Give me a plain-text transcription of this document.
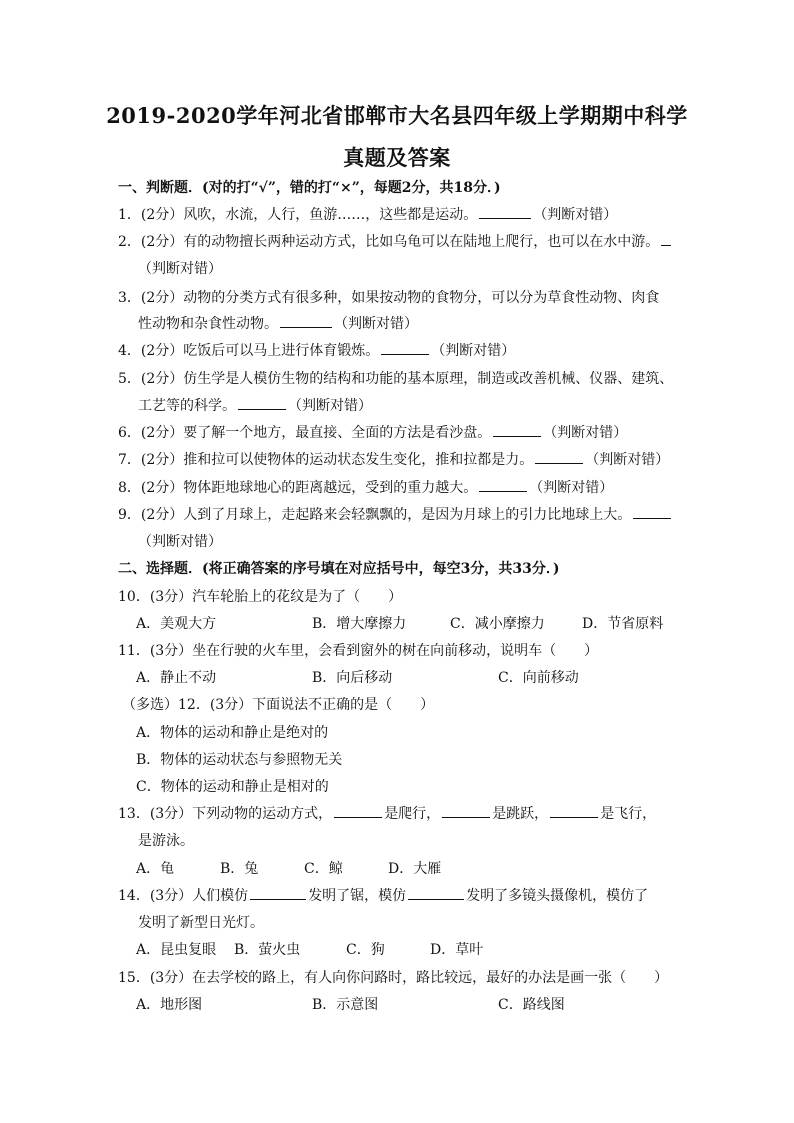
2019-2020学年河北省邯郸市大名县四年级上学期期中科学
真题及答案
一、判断题．(对的打“√”，错的打“×”，每题2分，共18分．)
1．(2分）风吹，水流，人行，鱼游……，这些都是运动。	（判断对错）
2．(2分）有的动物擅长两种运动方式，比如乌龟可以在陆地上爬行，也可以在水中游。
（判断对错）
3．(2分）动物的分类方式有很多种，如果按动物的食物分，可以分为草食性动物、肉食
性动物和杂食性动物。	（判断对错）
4．(2分）吃饭后可以马上进行体育锻炼。	（判断对错）
5．(2分）仿生学是人模仿生物的结构和功能的基本原理，制造或改善机械、仪器、建筑、
工艺等的科学。	（判断对错）
6．(2分）要了解一个地方，最直接、全面的方法是看沙盘。	（判断对错）
7．(2分）推和拉可以使物体的运动状态发生变化，推和拉都是力。	（判断对错）
8．(2分）物体距地球地心的距离越远，受到的重力越大。	（判断对错）
9．(2分）人到了月球上，走起路来会轻飘飘的，是因为月球上的引力比地球上大。
（判断对错）
二、选择题．(将正确答案的序号填在对应括号中，每空3分，共33分．)
10．(3分）汽车轮胎上的花纹是为了（　　）
A．美观大方	B．增大摩擦力	C．减小摩擦力	D．节省原料
11．(3分）坐在行驶的火车里，会看到窗外的树在向前移动，说明车（　　）
A．静止不动	B．向后移动	C．向前移动
（多选）12．(3分）下面说法不正确的是（　　）
A．物体的运动和静止是绝对的
B．物体的运动状态与参照物无关
C．物体的运动和静止是相对的
13．(3分）下列动物的运动方式，	是爬行，	是跳跃，	是飞行，
是游泳。
A．龟	B．兔	C．鲸	D．大雁
14．(3分）人们模仿	发明了锯，模仿	发明了多镜头摄像机，模仿了
发明了新型日光灯。
A．昆虫复眼 B．萤火虫	C．狗	D．草叶
15．(3分）在去学校的路上，有人向你问路时，路比较远，最好的办法是画一张（　　）
A．地形图	B．示意图	C．路线图
